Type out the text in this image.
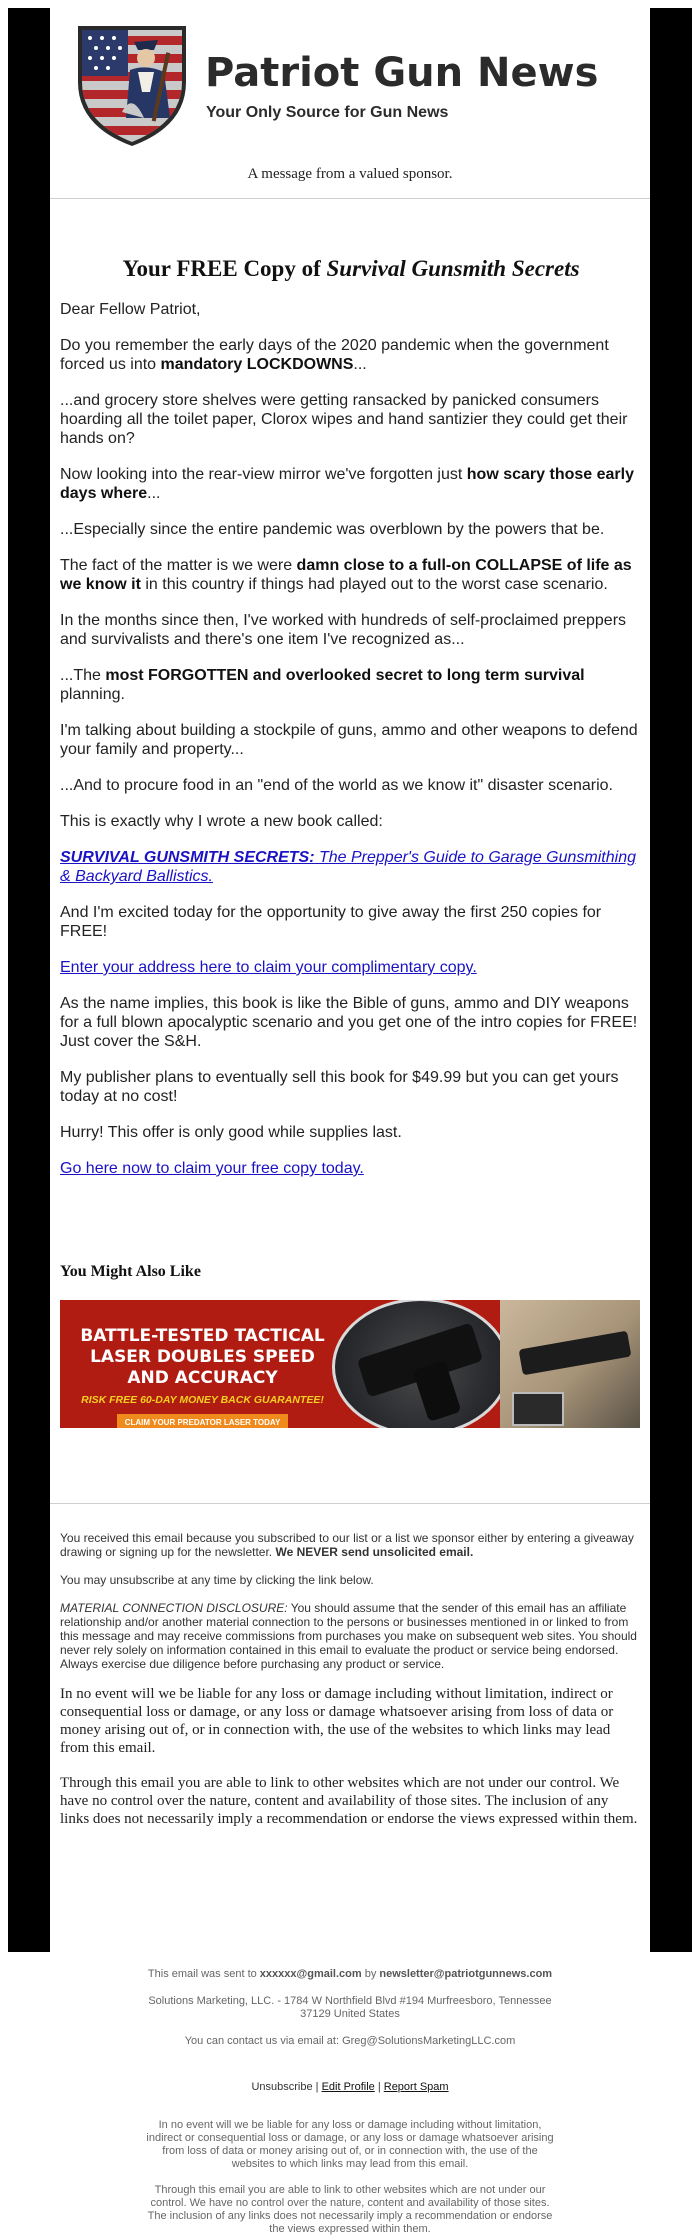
Patriot Gun News
Your Only Source for Gun News
A message from a valued sponsor.
Your FREE Copy of Survival Gunsmith Secrets

Dear Fellow Patriot,

Do you remember the early days of the 2020 pandemic when the government forced us into mandatory LOCKDOWNS...

...and grocery store shelves were getting ransacked by panicked consumers hoarding all the toilet paper, Clorox wipes and hand santizier they could get their hands on?

Now looking into the rear-view mirror we've forgotten just how scary those early days where...

...Especially since the entire pandemic was overblown by the powers that be.

The fact of the matter is we were damn close to a full-on COLLAPSE of life as we know it in this country if things had played out to the worst case scenario.

In the months since then, I've worked with hundreds of self-proclaimed preppers and survivalists and there's one item I've recognized as...

...The most FORGOTTEN and overlooked secret to long term survival planning.

I'm talking about building a stockpile of guns, ammo and other weapons to defend your family and property...

...And to procure food in an "end of the world as we know it" disaster scenario.

This is exactly why I wrote a new book called:

SURVIVAL GUNSMITH SECRETS: The Prepper's Guide to Garage Gunsmithing & Backyard Ballistics.

And I'm excited today for the opportunity to give away the first 250 copies for FREE!

Enter your address here to claim your complimentary copy.

As the name implies, this book is like the Bible of guns, ammo and DIY weapons for a full blown apocalyptic scenario and you get one of the intro copies for FREE! Just cover the S&H.

My publisher plans to eventually sell this book for $49.99 but you can get yours today at no cost!

Hurry! This offer is only good while supplies last.

Go here now to claim your free copy today.

You Might Also Like
BATTLE-TESTED TACTICAL LASER DOUBLES SPEED AND ACCURACY
RISK FREE 60-DAY MONEY BACK GUARANTEE!
CLAIM YOUR PREDATOR LASER TODAY

You received this email because you subscribed to our list or a list we sponsor either by entering a giveaway drawing or signing up for the newsletter. We NEVER send unsolicited email.

You may unsubscribe at any time by clicking the link below.

MATERIAL CONNECTION DISCLOSURE: You should assume that the sender of this email has an affiliate relationship and/or another material connection to the persons or businesses mentioned in or linked to from this message and may receive commissions from purchases you make on subsequent web sites. You should never rely solely on information contained in this email to evaluate the product or service being endorsed. Always exercise due diligence before purchasing any product or service.

In no event will we be liable for any loss or damage including without limitation, indirect or consequential loss or damage, or any loss or damage whatsoever arising from loss of data or money arising out of, or in connection with, the use of the websites to which links may lead from this email.

Through this email you are able to link to other websites which are not under our control. We have no control over the nature, content and availability of those sites. The inclusion of any links does not necessarily imply a recommendation or endorse the views expressed within them.

This email was sent to xxxxxx@gmail.com by newsletter@patriotgunnews.com

Solutions Marketing, LLC. - 1784 W Northfield Blvd #194 Murfreesboro, Tennessee

37129 United States

You can contact us via email at: Greg@SolutionsMarketingLLC.com

Unsubscribe | Edit Profile | Report Spam

In no event will we be liable for any loss or damage including without limitation, indirect or consequential loss or damage, or any loss or damage whatsoever arising from loss of data or money arising out of, or in connection with, the use of the websites to which links may lead from this email.

Through this email you are able to link to other websites which are not under our control. We have no control over the nature, content and availability of those sites. The inclusion of any links does not necessarily imply a recommendation or endorse the views expressed within them.
